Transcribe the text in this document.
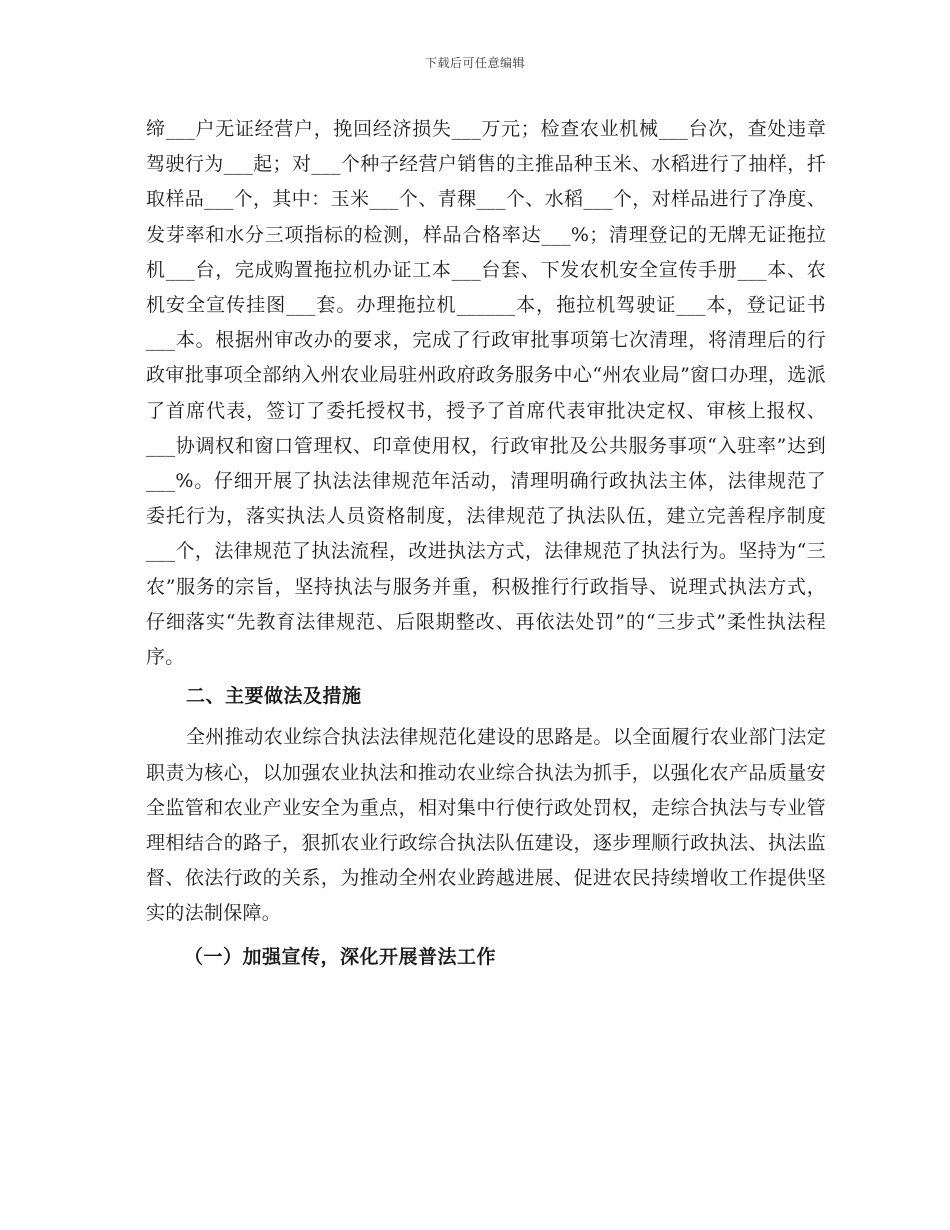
下载后可任意编辑

缔___户无证经营户，挽回经济损失___万元；检查农业机械___台次，查处违章驾驶行为___起；对___个种子经营户销售的主推品种玉米、水稻进行了抽样，扦取样品___个，其中：玉米___个、青稞___个、水稻___个，对样品进行了净度、发芽率和水分三项指标的检测，样品合格率达___%；清理登记的无牌无证拖拉机___台，完成购置拖拉机办证工本___台套、下发农机安全宣传手册___本、农机安全宣传挂图___套。办理拖拉机______本，拖拉机驾驶证___本，登记证书___本。根据州审改办的要求，完成了行政审批事项第七次清理，将清理后的行政审批事项全部纳入州农业局驻州政府政务服务中心“州农业局”窗口办理，选派了首席代表，签订了委托授权书，授予了首席代表审批决定权、审核上报权、___协调权和窗口管理权、印章使用权，行政审批及公共服务事项“入驻率”达到___%。仔细开展了执法法律规范年活动，清理明确行政执法主体，法律规范了委托行为，落实执法人员资格制度，法律规范了执法队伍，建立完善程序制度___个，法律规范了执法流程，改进执法方式，法律规范了执法行为。坚持为“三农”服务的宗旨，坚持执法与服务并重，积极推行行政指导、说理式执法方式，仔细落实“先教育法律规范、后限期整改、再依法处罚”的“三步式”柔性执法程序。

二、主要做法及措施

全州推动农业综合执法法律规范化建设的思路是。以全面履行农业部门法定职责为核心，以加强农业执法和推动农业综合执法为抓手，以强化农产品质量安全监管和农业产业安全为重点，相对集中行使行政处罚权，走综合执法与专业管理相结合的路子，狠抓农业行政综合执法队伍建设，逐步理顺行政执法、执法监督、依法行政的关系，为推动全州农业跨越进展、促进农民持续增收工作提供坚实的法制保障。

（一）加强宣传，深化开展普法工作
